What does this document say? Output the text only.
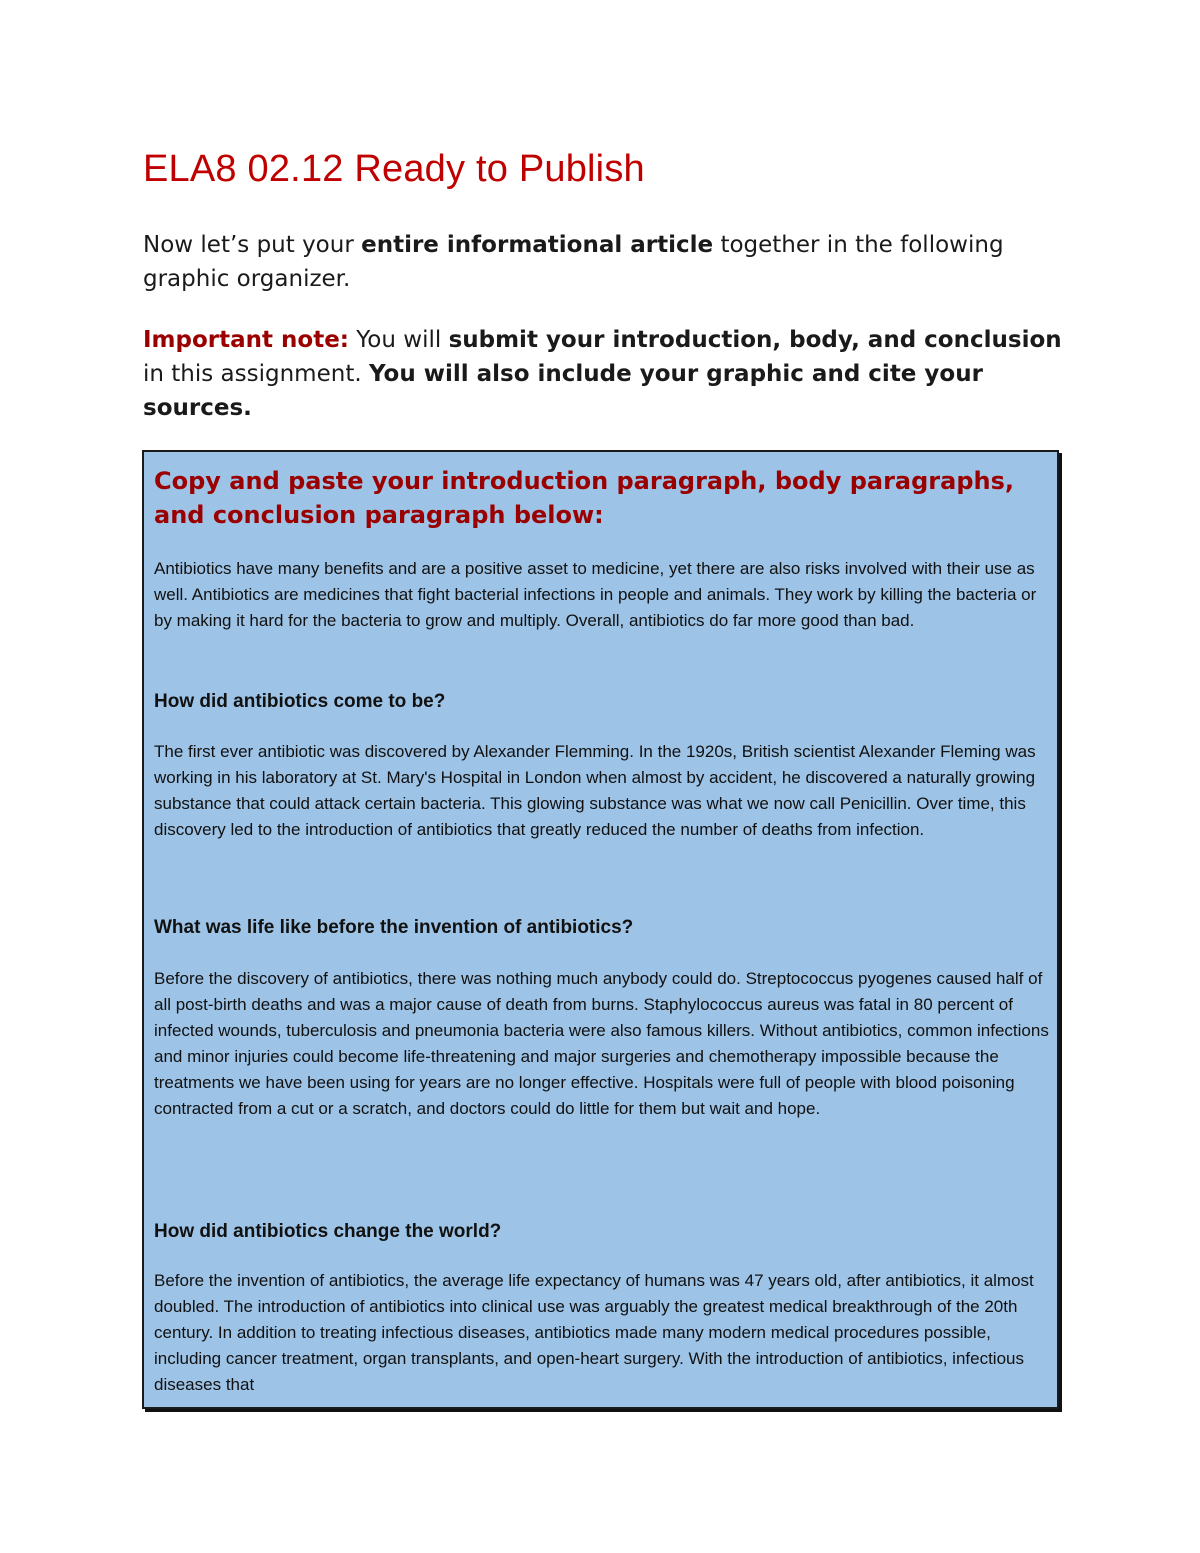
ELA8 02.12 Ready to Publish

Now let’s put your entire informational article together in the following graphic organizer.

Important note: You will submit your introduction, body, and conclusion in this assignment. You will also include your graphic and cite your sources.

Copy and paste your introduction paragraph, body paragraphs, and conclusion paragraph below:

Antibiotics have many benefits and are a positive asset to medicine, yet there are also risks involved with their use as well. Antibiotics are medicines that fight bacterial infections in people and animals. They work by killing the bacteria or by making it hard for the bacteria to grow and multiply. Overall, antibiotics do far more good than bad.

How did antibiotics come to be?

The first ever antibiotic was discovered by Alexander Flemming. In the 1920s, British scientist Alexander Fleming was working in his laboratory at St. Mary's Hospital in London when almost by accident, he discovered a naturally growing substance that could attack certain bacteria. This glowing substance was what we now call Penicillin. Over time, this discovery led to the introduction of antibiotics that greatly reduced the number of deaths from infection.

What was life like before the invention of antibiotics?

Before the discovery of antibiotics, there was nothing much anybody could do. Streptococcus pyogenes caused half of all post-birth deaths and was a major cause of death from burns. Staphylococcus aureus was fatal in 80 percent of infected wounds, tuberculosis and pneumonia bacteria were also famous killers. Without antibiotics, common infections and minor injuries could become life-threatening and major surgeries and chemotherapy impossible because the treatments we have been using for years are no longer effective. Hospitals were full of people with blood poisoning contracted from a cut or a scratch, and doctors could do little for them but wait and hope.

How did antibiotics change the world?

Before the invention of antibiotics, the average life expectancy of humans was 47 years old, after antibiotics, it almost doubled. The introduction of antibiotics into clinical use was arguably the greatest medical breakthrough of the 20th century. In addition to treating infectious diseases, antibiotics made many modern medical procedures possible, including cancer treatment, organ transplants, and open-heart surgery. With the introduction of antibiotics, infectious diseases that
